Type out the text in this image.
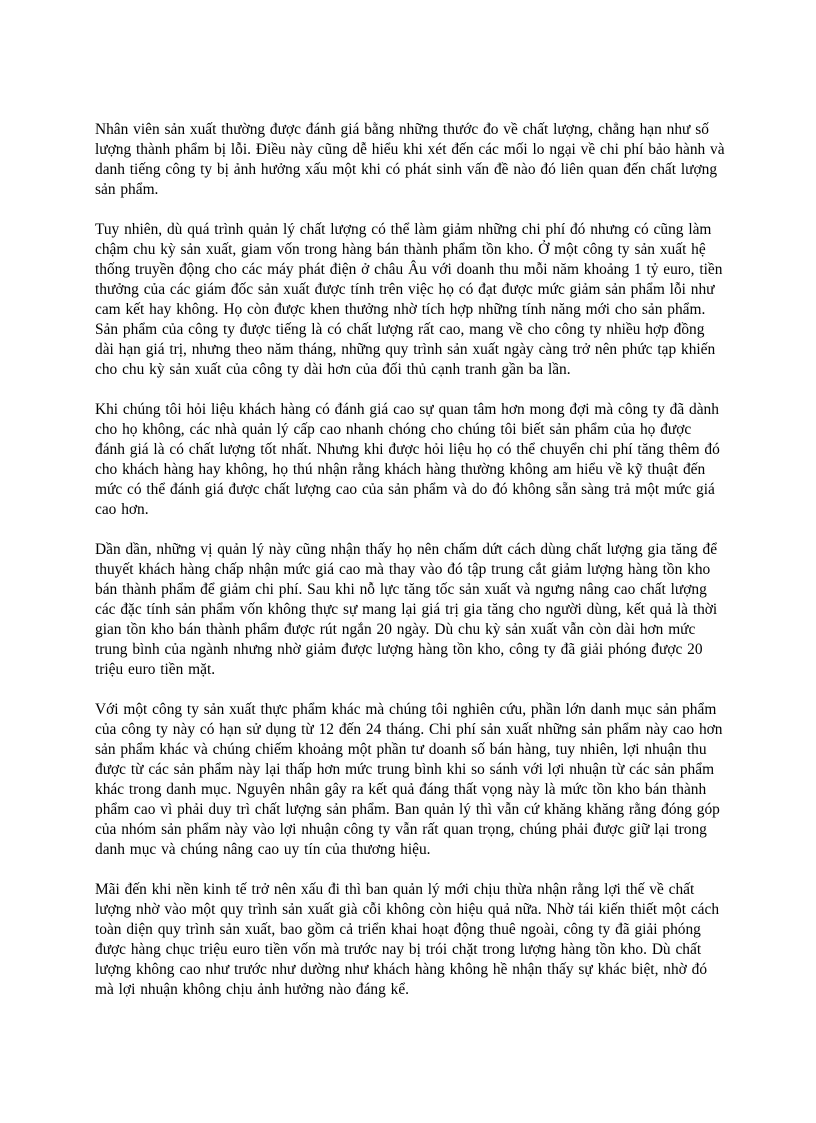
Nhân viên sản xuất thường được đánh giá bằng những thước đo về chất lượng, chẳng hạn như số lượng thành phẩm bị lỗi. Điều này cũng dễ hiểu khi xét đến các mối lo ngại về chi phí bảo hành và danh tiếng công ty bị ảnh hưởng xấu một khi có phát sinh vấn đề nào đó liên quan đến chất lượng sản phẩm.

Tuy nhiên, dù quá trình quản lý chất lượng có thể làm giảm những chi phí đó nhưng có cũng làm chậm chu kỳ sản xuất, giam vốn trong hàng bán thành phẩm tồn kho. Ở một công ty sản xuất hệ thống truyền động cho các máy phát điện ở châu Âu với doanh thu mỗi năm khoảng 1 tỷ euro, tiền thưởng của các giám đốc sản xuất được tính trên việc họ có đạt được mức giảm sản phẩm lỗi như cam kết hay không. Họ còn được khen thưởng nhờ tích hợp những tính năng mới cho sản phẩm. Sản phẩm của công ty được tiếng là có chất lượng rất cao, mang về cho công ty nhiều hợp đồng dài hạn giá trị, nhưng theo năm tháng, những quy trình sản xuất ngày càng trở nên phức tạp khiến cho chu kỳ sản xuất của công ty dài hơn của đối thủ cạnh tranh gần ba lần.

Khi chúng tôi hỏi liệu khách hàng có đánh giá cao sự quan tâm hơn mong đợi mà công ty đã dành cho họ không, các nhà quản lý cấp cao nhanh chóng cho chúng tôi biết sản phẩm của họ được đánh giá là có chất lượng tốt nhất. Nhưng khi được hỏi liệu họ có thể chuyển chi phí tăng thêm đó cho khách hàng hay không, họ thú nhận rằng khách hàng thường không am hiểu về kỹ thuật đến mức có thể đánh giá được chất lượng cao của sản phẩm và do đó không sẵn sàng trả một mức giá cao hơn.

Dần dần, những vị quản lý này cũng nhận thấy họ nên chấm dứt cách dùng chất lượng gia tăng để thuyết khách hàng chấp nhận mức giá cao mà thay vào đó tập trung cắt giảm lượng hàng tồn kho bán thành phẩm để giảm chi phí. Sau khi nỗ lực tăng tốc sản xuất và ngưng nâng cao chất lượng các đặc tính sản phẩm vốn không thực sự mang lại giá trị gia tăng cho người dùng, kết quả là thời gian tồn kho bán thành phẩm được rút ngắn 20 ngày. Dù chu kỳ sản xuất vẫn còn dài hơn mức trung bình của ngành nhưng nhờ giảm được lượng hàng tồn kho, công ty đã giải phóng được 20 triệu euro tiền mặt.

Với một công ty sản xuất thực phẩm khác mà chúng tôi nghiên cứu, phần lớn danh mục sản phẩm của công ty này có hạn sử dụng từ 12 đến 24 tháng. Chi phí sản xuất những sản phẩm này cao hơn sản phẩm khác và chúng chiếm khoảng một phần tư doanh số bán hàng, tuy nhiên, lợi nhuận thu được từ các sản phẩm này lại thấp hơn mức trung bình khi so sánh với lợi nhuận từ các sản phẩm khác trong danh mục. Nguyên nhân gây ra kết quả đáng thất vọng này là mức tồn kho bán thành phẩm cao vì phải duy trì chất lượng sản phẩm. Ban quản lý thì vẫn cứ khăng khăng rằng đóng góp của nhóm sản phẩm này vào lợi nhuận công ty vẫn rất quan trọng, chúng phải được giữ lại trong danh mục và chúng nâng cao uy tín của thương hiệu.

Mãi đến khi nền kinh tế trở nên xấu đi thì ban quản lý mới chịu thừa nhận rằng lợi thế về chất lượng nhờ vào một quy trình sản xuất già cỗi không còn hiệu quả nữa. Nhờ tái kiến thiết một cách toàn diện quy trình sản xuất, bao gồm cả triển khai hoạt động thuê ngoài, công ty đã giải phóng được hàng chục triệu euro tiền vốn mà trước nay bị trói chặt trong lượng hàng tồn kho. Dù chất lượng không cao như trước như dường như khách hàng không hề nhận thấy sự khác biệt, nhờ đó mà lợi nhuận không chịu ảnh hưởng nào đáng kể.
